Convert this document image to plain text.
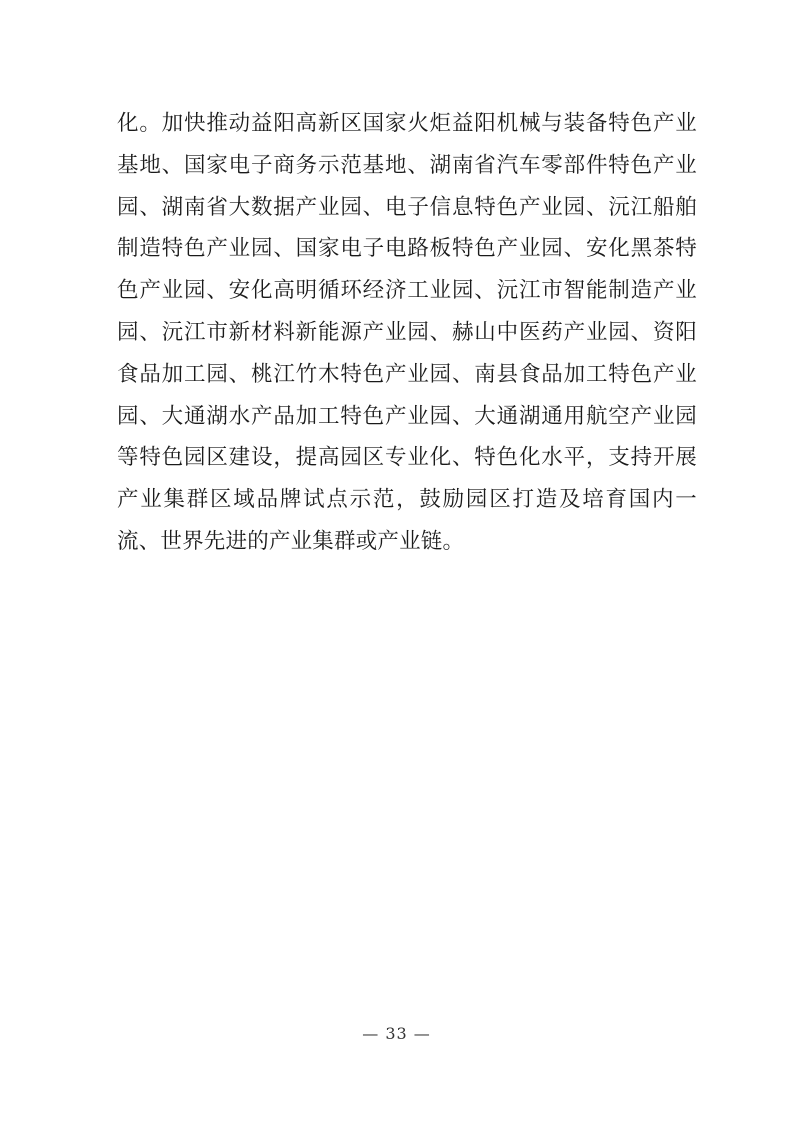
化。加快推动益阳高新区国家火炬益阳机械与装备特色产业基地、国家电子商务示范基地、湖南省汽车零部件特色产业园、湖南省大数据产业园、电子信息特色产业园、沅江船舶制造特色产业园、国家电子电路板特色产业园、安化黑茶特色产业园、安化高明循环经济工业园、沅江市智能制造产业园、沅江市新材料新能源产业园、赫山中医药产业园、资阳食品加工园、桃江竹木特色产业园、南县食品加工特色产业园、大通湖水产品加工特色产业园、大通湖通用航空产业园等特色园区建设，提高园区专业化、特色化水平，支持开展产业集群区域品牌试点示范，鼓励园区打造及培育国内一流、世界先进的产业集群或产业链。

— 33 —
